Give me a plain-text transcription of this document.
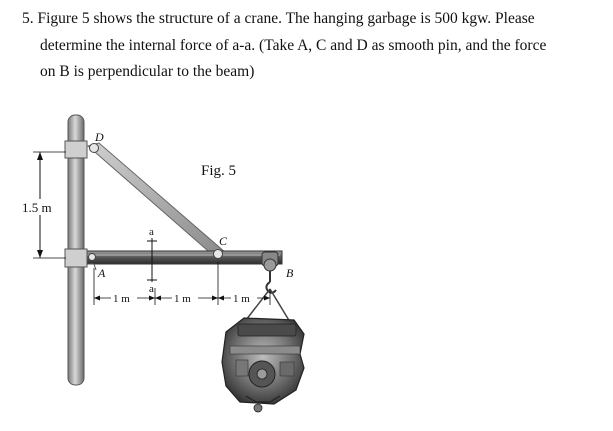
5. Figure 5 shows the structure of a crane. The hanging garbage is 500 kgw. Please
determine the internal force of a-a. (Take A, C and D as smooth pin, and the force
on B is perpendicular to the beam)
1.5 m
a
a
1 m	1 m	1 m
D
C
A	B
Fig. 5
